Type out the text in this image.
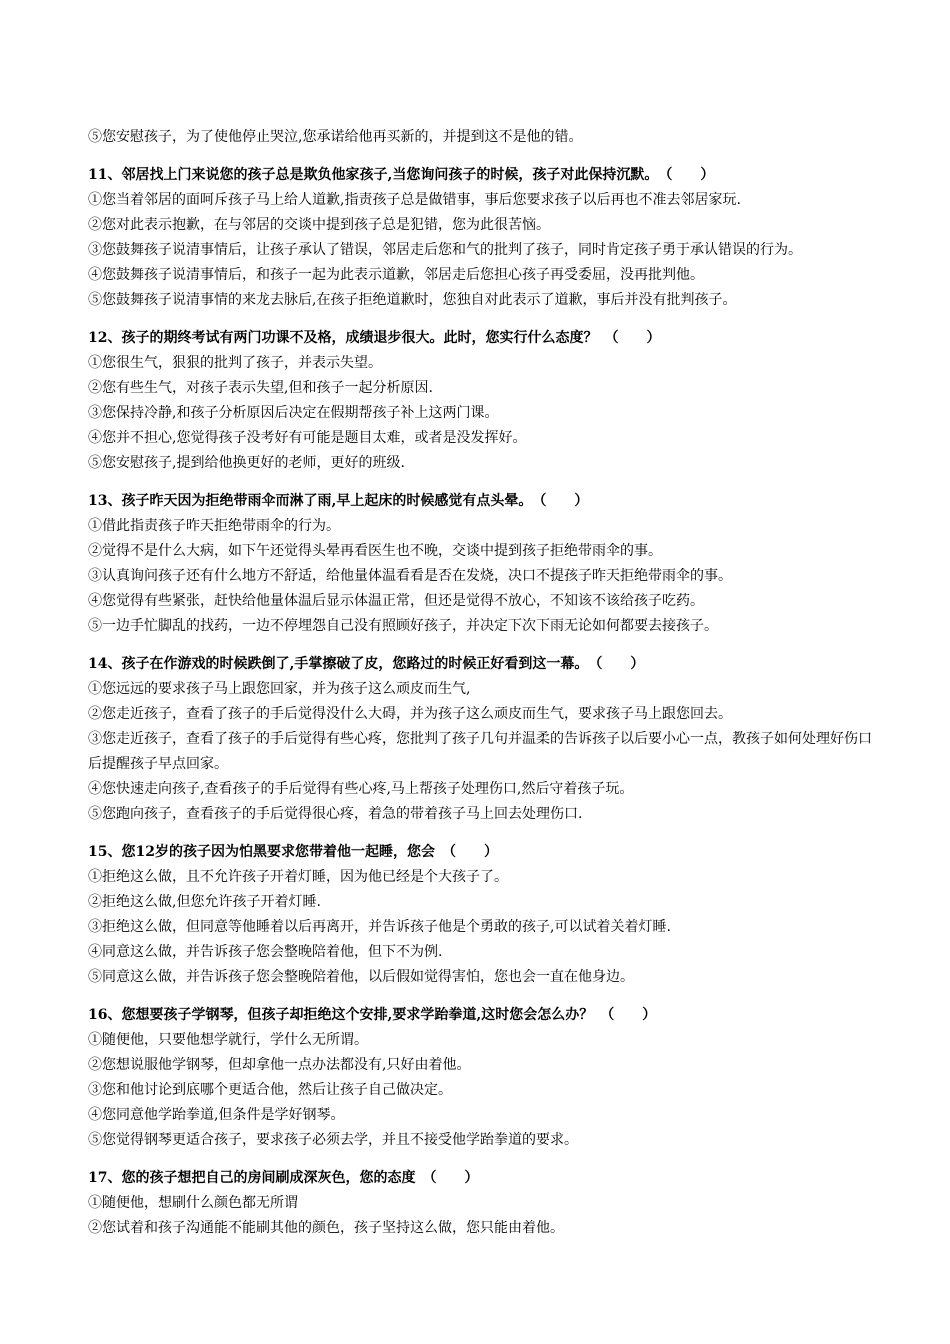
⑤您安慰孩子，为了使他停止哭泣,您承诺给他再买新的，并提到这不是他的错。
11、邻居找上门来说您的孩子总是欺负他家孩子,当您询问孩子的时候，孩子对此保持沉默。　（　　）
①您当着邻居的面呵斥孩子马上给人道歉,指责孩子总是做错事，事后您要求孩子以后再也不准去邻居家玩.
②您对此表示抱歉，在与邻居的交谈中提到孩子总是犯错，您为此很苦恼。
③您鼓舞孩子说清事情后，让孩子承认了错误，邻居走后您和气的批判了孩子，同时肯定孩子勇于承认错误的行为。
④您鼓舞孩子说清事情后，和孩子一起为此表示道歉，邻居走后您担心孩子再受委屈，没再批判他。
⑤您鼓舞孩子说清事情的来龙去脉后,在孩子拒绝道歉时，您独自对此表示了道歉，事后并没有批判孩子。
12、孩子的期终考试有两门功课不及格，成绩退步很大。此时，您实行什么态度？　（　　）
①您很生气，狠狠的批判了孩子，并表示失望。
②您有些生气，对孩子表示失望,但和孩子一起分析原因.
③您保持冷静,和孩子分析原因后决定在假期帮孩子补上这两门课。
④您并不担心,您觉得孩子没考好有可能是题目太难，或者是没发挥好。
⑤您安慰孩子,提到给他换更好的老师，更好的班级.
13、孩子昨天因为拒绝带雨伞而淋了雨,早上起床的时候感觉有点头晕。　（　　）
①借此指责孩子昨天拒绝带雨伞的行为。
②觉得不是什么大病，如下午还觉得头晕再看医生也不晚，交谈中提到孩子拒绝带雨伞的事。
③认真询问孩子还有什么地方不舒适，给他量体温看看是否在发烧，决口不提孩子昨天拒绝带雨伞的事。
④您觉得有些紧张，赶快给他量体温后显示体温正常，但还是觉得不放心，不知该不该给孩子吃药。
⑤一边手忙脚乱的找药，一边不停埋怨自己没有照顾好孩子，并决定下次下雨无论如何都要去接孩子。
14、孩子在作游戏的时候跌倒了,手掌擦破了皮，您路过的时候正好看到这一幕。　（　　）
①您远远的要求孩子马上跟您回家，并为孩子这么顽皮而生气,
②您走近孩子，查看了孩子的手后觉得没什么大碍，并为孩子这么顽皮而生气，要求孩子马上跟您回去。
③您走近孩子，查看了孩子的手后觉得有些心疼，您批判了孩子几句并温柔的告诉孩子以后要小心一点，教孩子如何处理好伤口后提醒孩子早点回家。
④您快速走向孩子,查看孩子的手后觉得有些心疼,马上帮孩子处理伤口,然后守着孩子玩。
⑤您跑向孩子，查看孩子的手后觉得很心疼，着急的带着孩子马上回去处理伤口.
15、您12岁的孩子因为怕黑要求您带着他一起睡，您会　（　　）
①拒绝这么做，且不允许孩子开着灯睡，因为他已经是个大孩子了。
②拒绝这么做,但您允许孩子开着灯睡.
③拒绝这么做，但同意等他睡着以后再离开，并告诉孩子他是个勇敢的孩子,可以试着关着灯睡.
④同意这么做，并告诉孩子您会整晚陪着他，但下不为例.
⑤同意这么做，并告诉孩子您会整晚陪着他，以后假如觉得害怕，您也会一直在他身边。
16、您想要孩子学钢琴，但孩子却拒绝这个安排,要求学跆拳道,这时您会怎么办？　（　　）
①随便他，只要他想学就行，学什么无所谓。
②您想说服他学钢琴，但却拿他一点办法都没有,只好由着他。
③您和他讨论到底哪个更适合他，然后让孩子自己做决定。
④您同意他学跆拳道,但条件是学好钢琴。
⑤您觉得钢琴更适合孩子，要求孩子必须去学，并且不接受他学跆拳道的要求。
17、您的孩子想把自己的房间刷成深灰色，您的态度　（　　）
①随便他，想刷什么颜色都无所谓
②您试着和孩子沟通能不能刷其他的颜色，孩子坚持这么做，您只能由着他。
